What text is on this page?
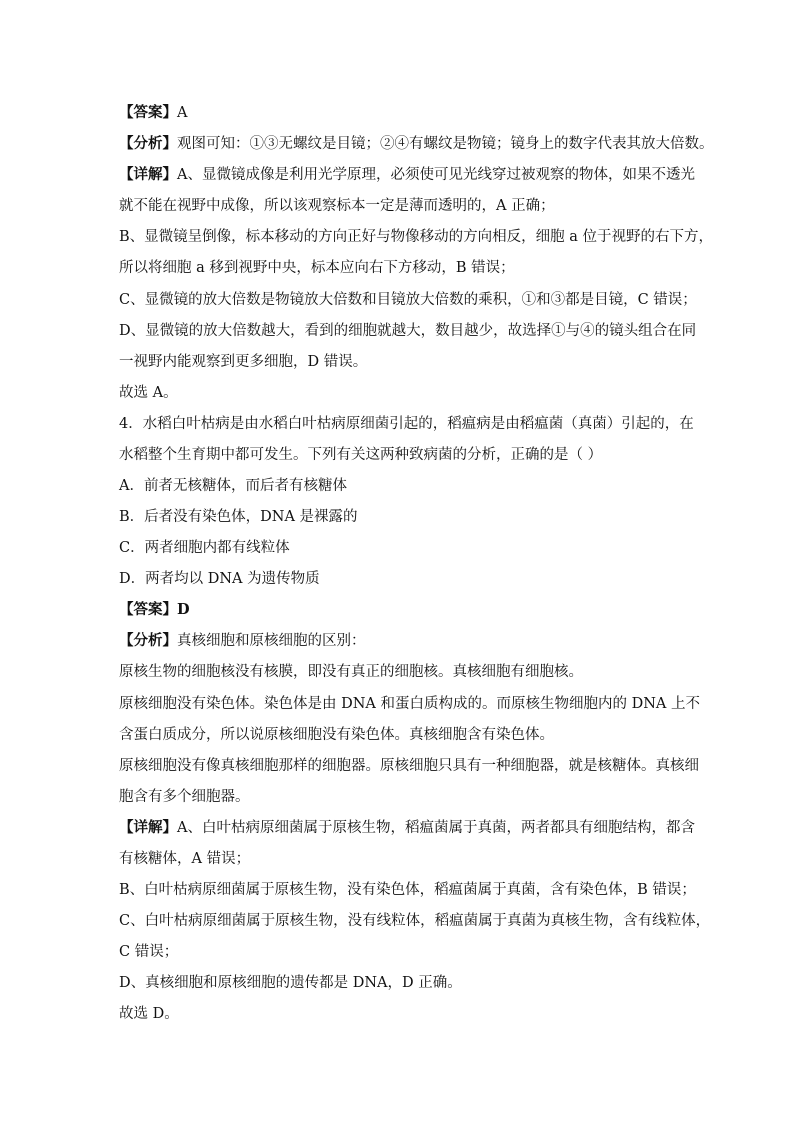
【答案】A
【分析】观图可知：①③无螺纹是目镜；②④有螺纹是物镜；镜身上的数字代表其放大倍数。
【详解】A、显微镜成像是利用光学原理，必须使可见光线穿过被观察的物体，如果不透光
就不能在视野中成像，所以该观察标本一定是薄而透明的，A 正确；
B、显微镜呈倒像，标本移动的方向正好与物像移动的方向相反，细胞 a 位于视野的右下方，
所以将细胞 a 移到视野中央，标本应向右下方移动，B 错误；
C、显微镜的放大倍数是物镜放大倍数和目镜放大倍数的乘积，①和③都是目镜，C 错误；
D、显微镜的放大倍数越大，看到的细胞就越大，数目越少，故选择①与④的镜头组合在同
一视野内能观察到更多细胞，D 错误。
故选 A。
4．水稻白叶枯病是由水稻白叶枯病原细菌引起的，稻瘟病是由稻瘟菌（真菌）引起的，在
水稻整个生育期中都可发生。下列有关这两种致病菌的分析，正确的是（ ）
A．前者无核糖体，而后者有核糖体
B．后者没有染色体，DNA 是裸露的
C．两者细胞内都有线粒体
D．两者均以 DNA 为遗传物质
【答案】D
【分析】真核细胞和原核细胞的区别：
原核生物的细胞核没有核膜，即没有真正的细胞核。真核细胞有细胞核。
原核细胞没有染色体。染色体是由 DNA 和蛋白质构成的。而原核生物细胞内的 DNA 上不
含蛋白质成分，所以说原核细胞没有染色体。真核细胞含有染色体。
原核细胞没有像真核细胞那样的细胞器。原核细胞只具有一种细胞器，就是核糖体。真核细
胞含有多个细胞器。
【详解】A、白叶枯病原细菌属于原核生物，稻瘟菌属于真菌，两者都具有细胞结构，都含
有核糖体，A 错误；
B、白叶枯病原细菌属于原核生物，没有染色体，稻瘟菌属于真菌，含有染色体，B 错误；
C、白叶枯病原细菌属于原核生物，没有线粒体，稻瘟菌属于真菌为真核生物，含有线粒体，
C 错误；
D、真核细胞和原核细胞的遗传都是 DNA，D 正确。
故选 D。
